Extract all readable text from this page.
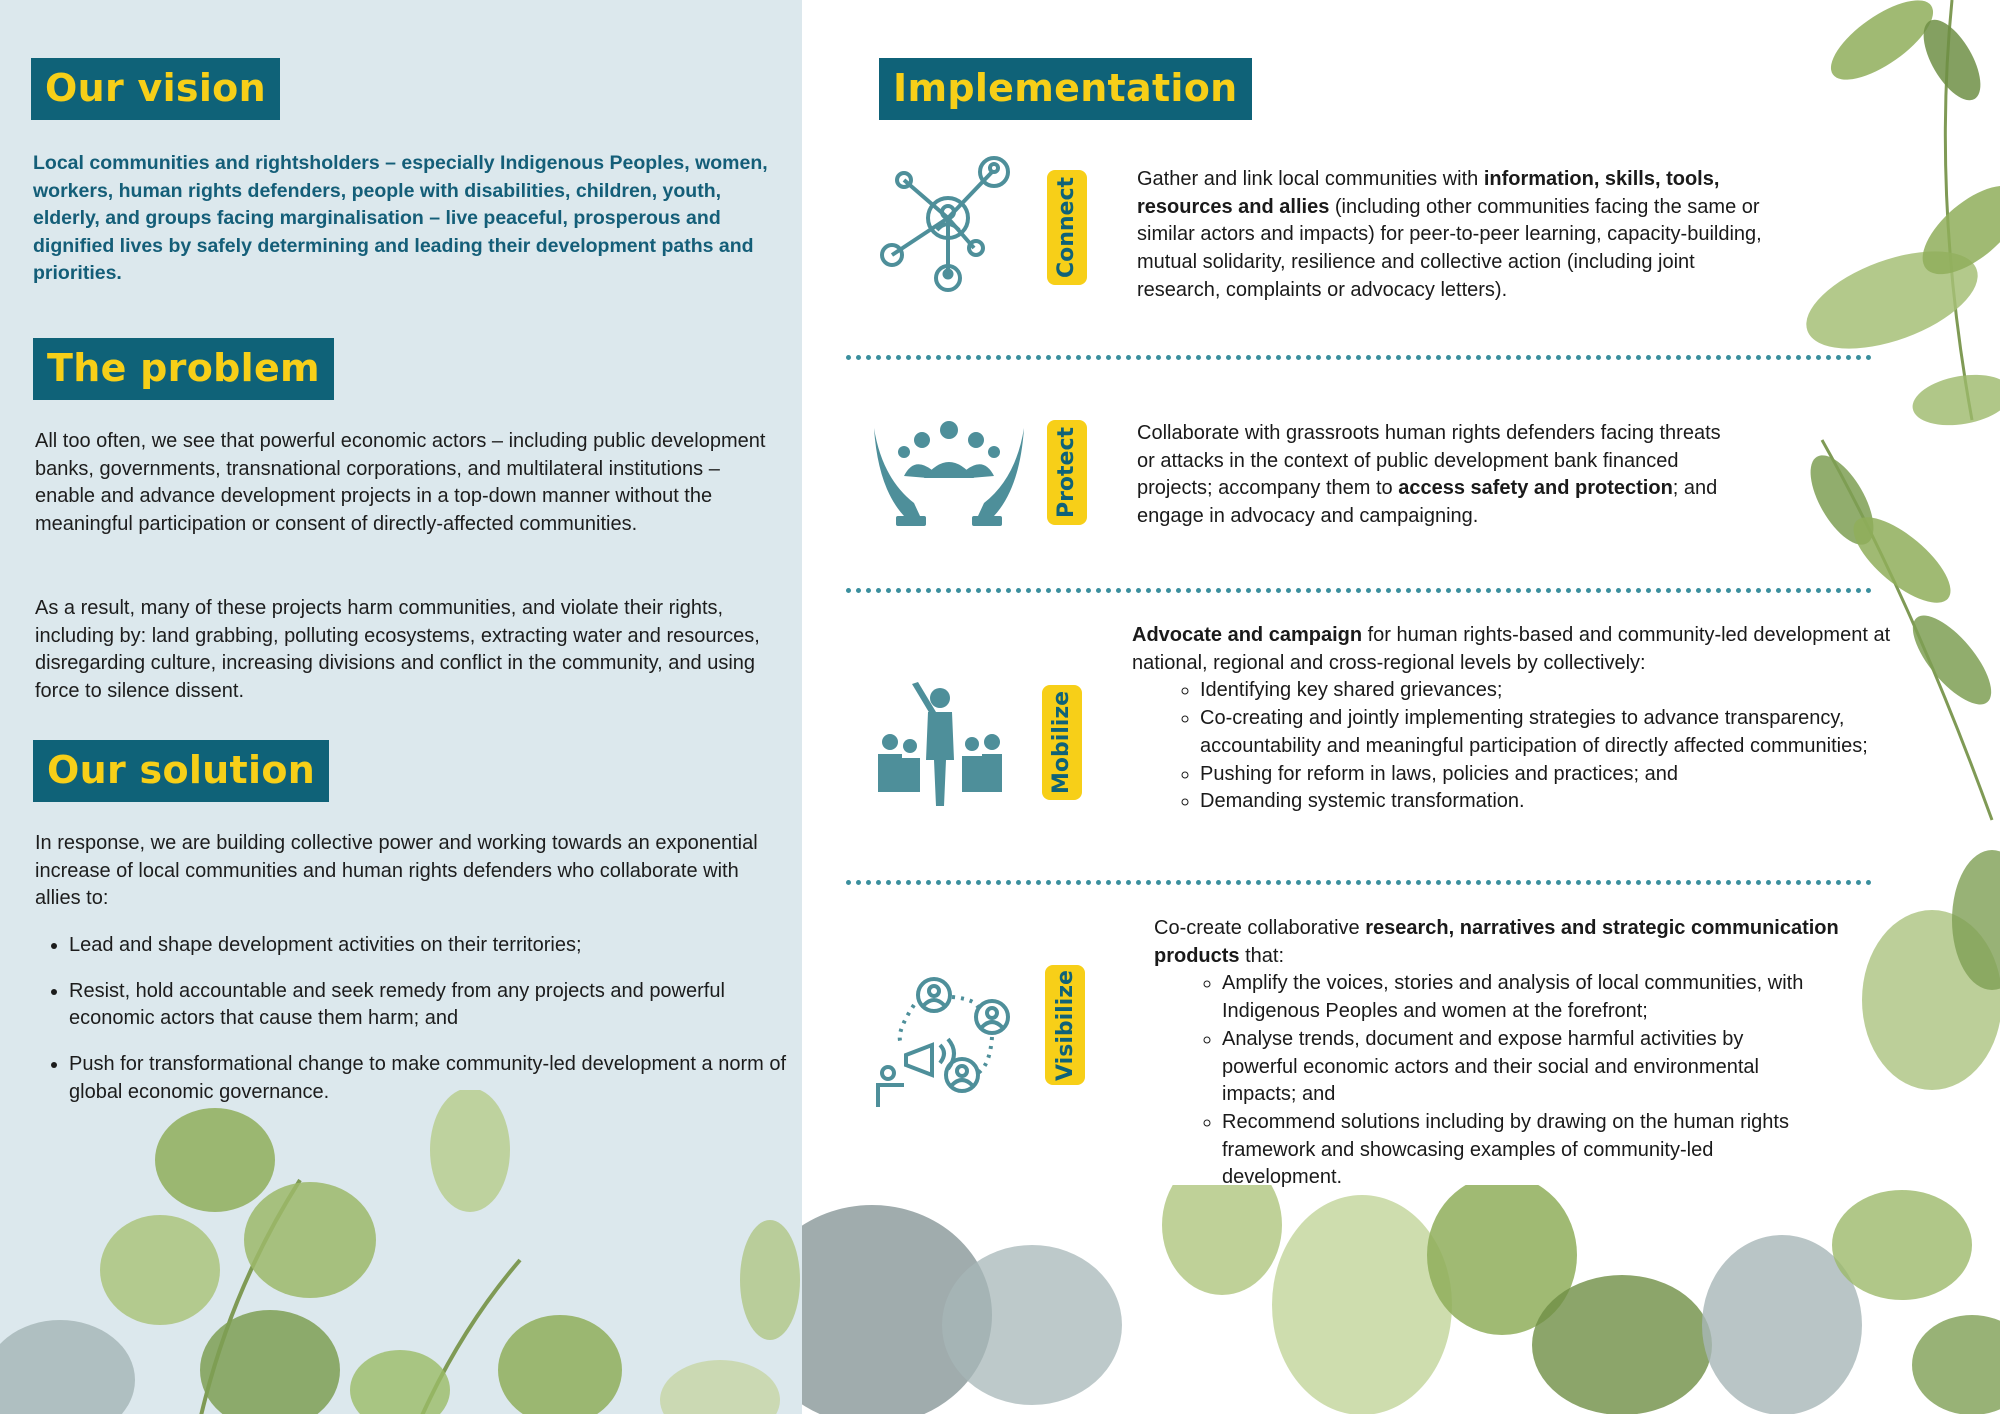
Our vision

Local communities and rightsholders – especially Indigenous Peoples, women, workers, human rights defenders, people with disabilities, children, youth, elderly, and groups facing marginalisation – live peaceful, prosperous and dignified lives by safely determining and leading their development paths and priorities.

The problem

All too often, we see that powerful economic actors – including public development banks, governments, transnational corporations, and multilateral institutions – enable and advance development projects in a top-down manner without the meaningful participation or consent of directly-affected communities.

As a result, many of these projects harm communities, and violate their rights, including by: land grabbing, polluting ecosystems, extracting water and resources, disregarding culture, increasing divisions and conflict in the community, and using force to silence dissent.

Our solution

In response, we are building collective power and working towards an exponential increase of local communities and human rights defenders who collaborate with allies to:

• Lead and shape development activities on their territories;
• Resist, hold accountable and seek remedy from any projects and powerful economic actors that cause them harm; and
• Push for transformational change to make community-led development a norm of global economic governance.
Implementation
Connect	Gather and link local communities with information, skills, tools, resources and allies (including other communities facing the same or similar actors and impacts) for peer-to-peer learning, capacity-building, mutual solidarity, resilience and collective action (including joint research, complaints or advocacy letters).

Protect	Collaborate with grassroots human rights defenders facing threats or attacks in the context of public development bank financed projects; accompany them to access safety and protection; and engage in advocacy and campaigning.

Mobilize
Advocate and campaign for human rights-based and community-led development at national, regional and cross-regional levels by collectively:
◦ Identifying key shared grievances;
◦ Co-creating and jointly implementing strategies to advance transparency, accountability and meaningful participation of directly affected communities;
◦ Pushing for reform in laws, policies and practices; and
◦ Demanding systemic transformation.
Visibilize
Co-create collaborative research, narratives and strategic communication products that:
◦ Amplify the voices, stories and analysis of local communities, with Indigenous Peoples and women at the forefront;
◦ Analyse trends, document and expose harmful activities by powerful economic actors and their social and environmental impacts; and
◦ Recommend solutions including by drawing on the human rights framework and showcasing examples of community-led development.
